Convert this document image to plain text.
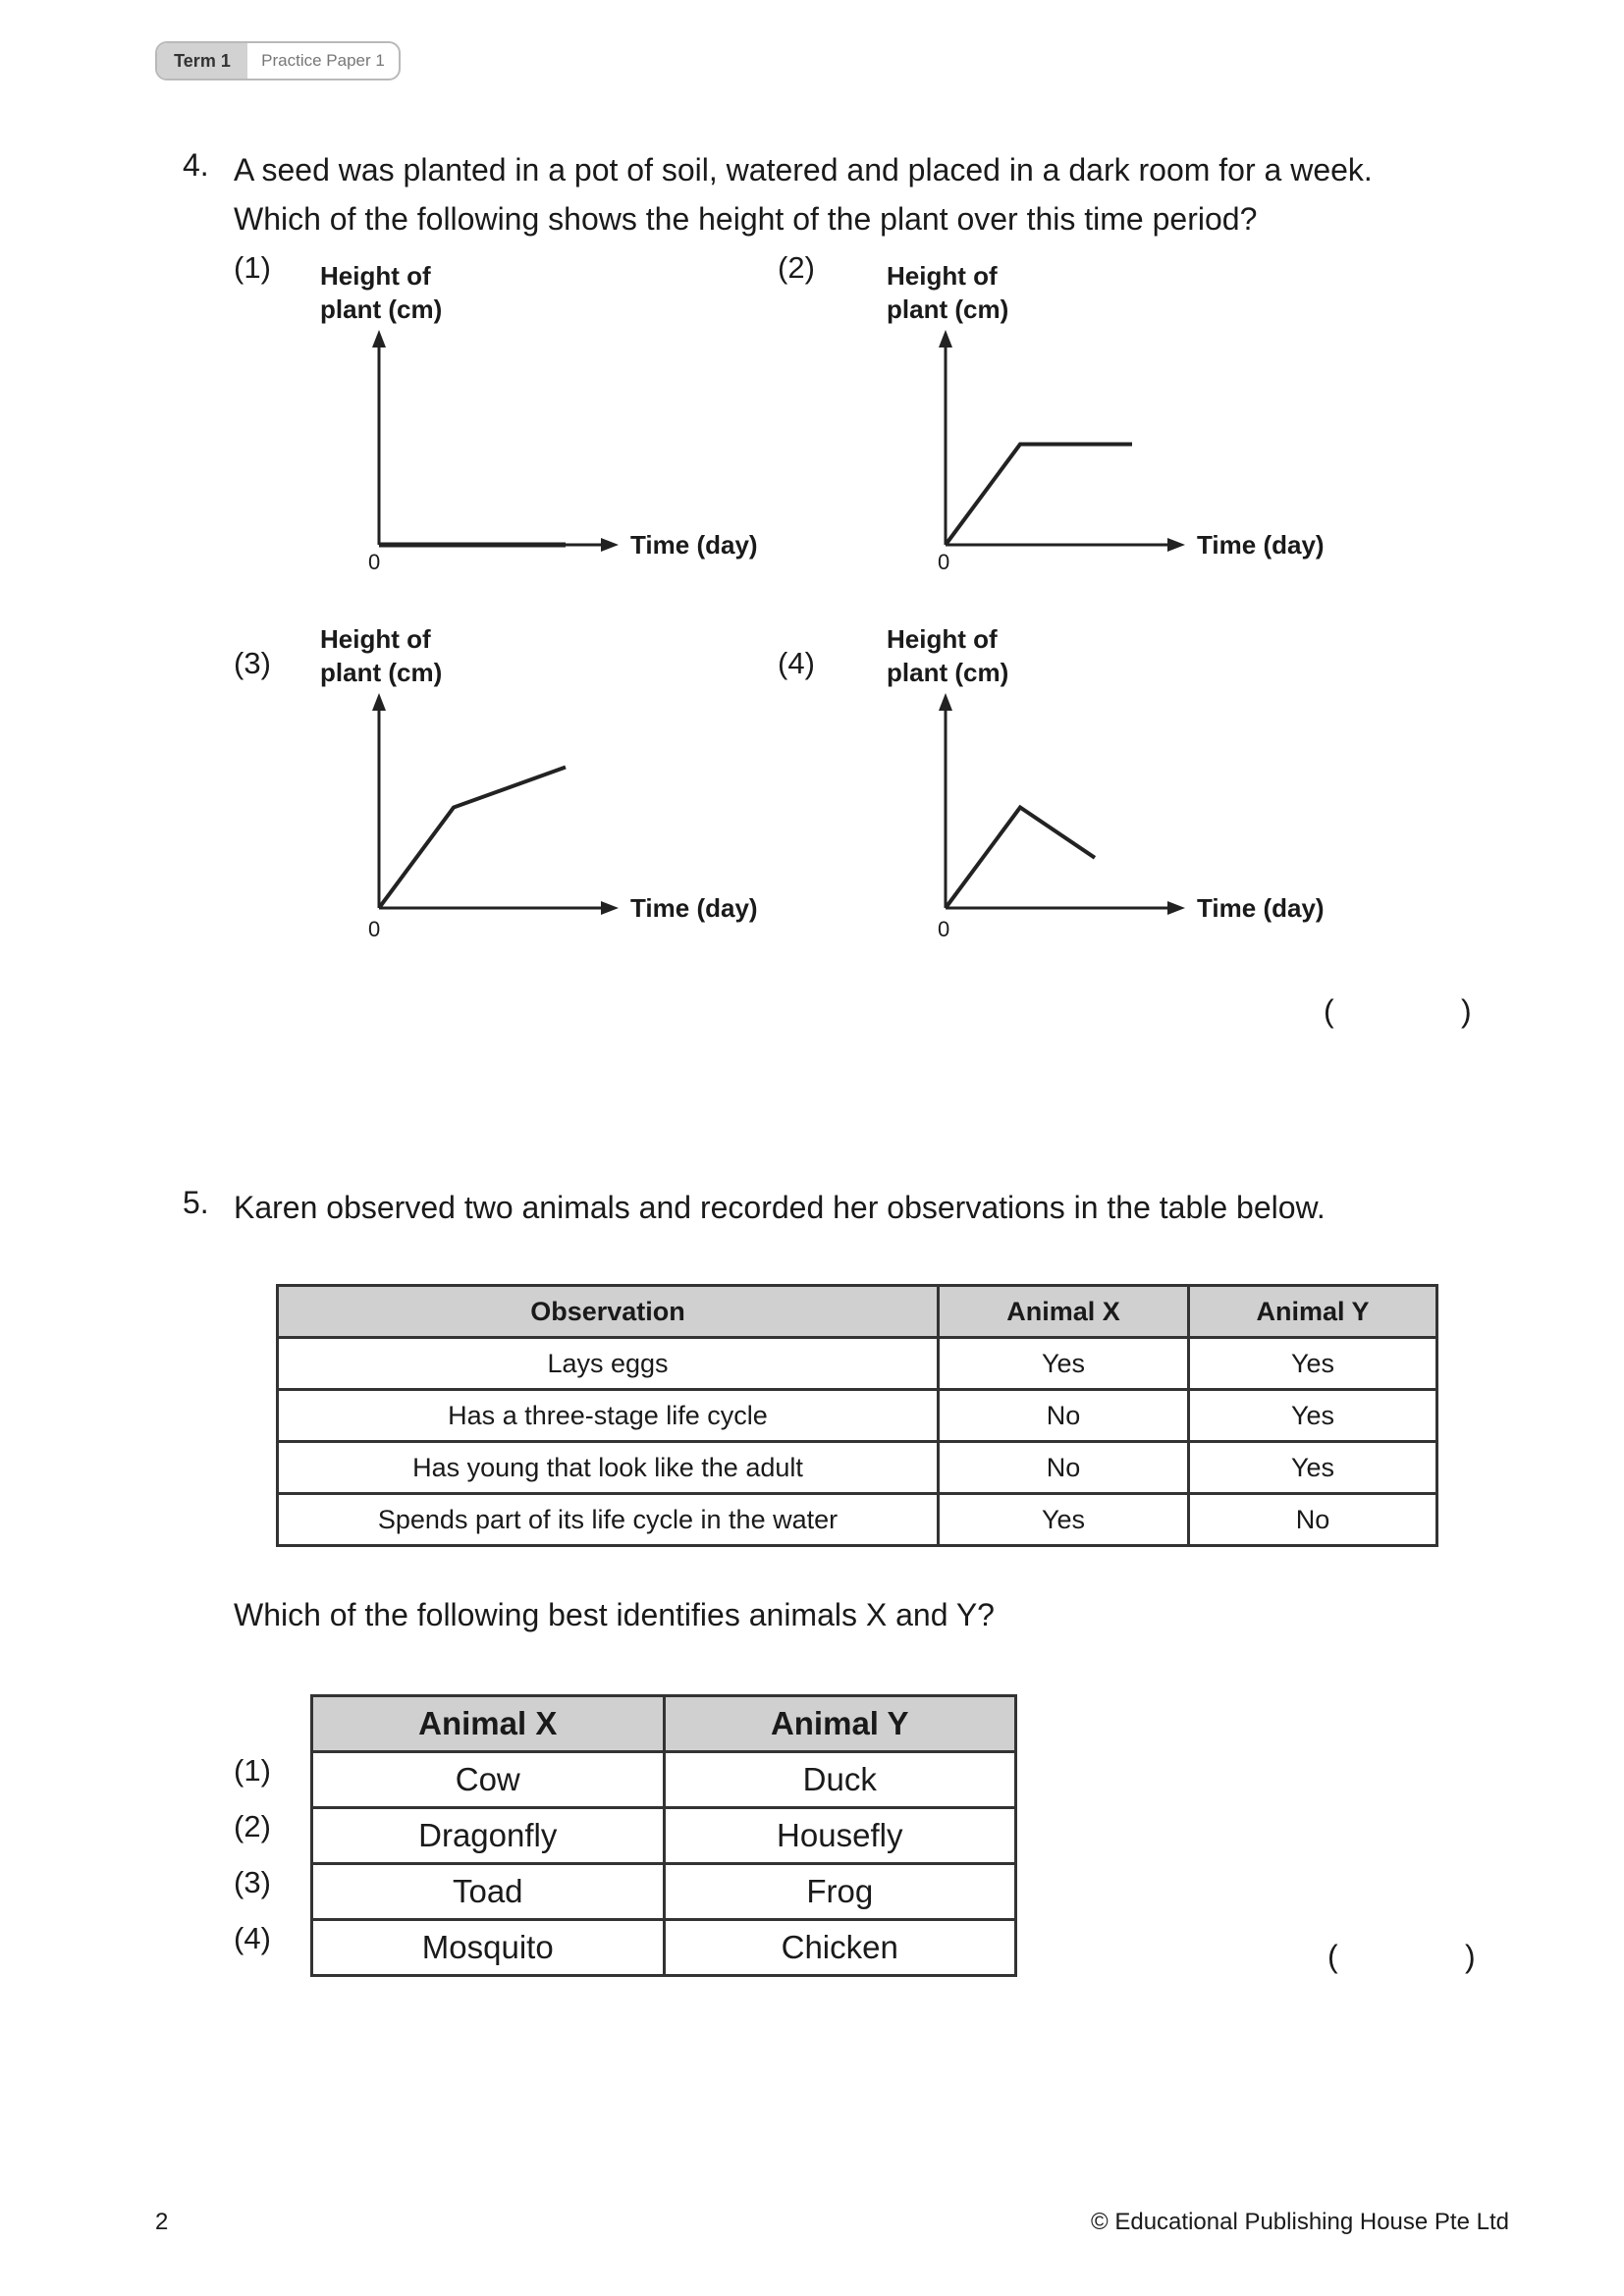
Term 1	Practice Paper 1
4. A seed was planted in a pot of soil, watered and placed in a dark room for a week.
Which of the following shows the height of the plant over this time period?
(1) Height of
plant (cm)
Time (day)
0
(2)	Height of
plant (cm)
Time (day)
0
(3)
Height of
plant (cm)
Time (day)
0
(4)
Height of
plant (cm)
Time (day)
0
(	)
5. Karen observed two animals and recorded her observations in the table below.
Observation	Animal X	Animal Y
Lays eggs	Yes	Yes
Has a three-stage life cycle	No	Yes
Has young that look like the adult	No	Yes
Spends part of its life cycle in the water	Yes	No
Which of the following best identifies animals X and Y?
Animal X	Animal Y
Cow	Duck
Dragonfly	Housefly
Toad	Frog
Mosquito	Chicken
(1)
(2)
(3)
(4)
(	)
2	© Educational Publishing House Pte Ltd
